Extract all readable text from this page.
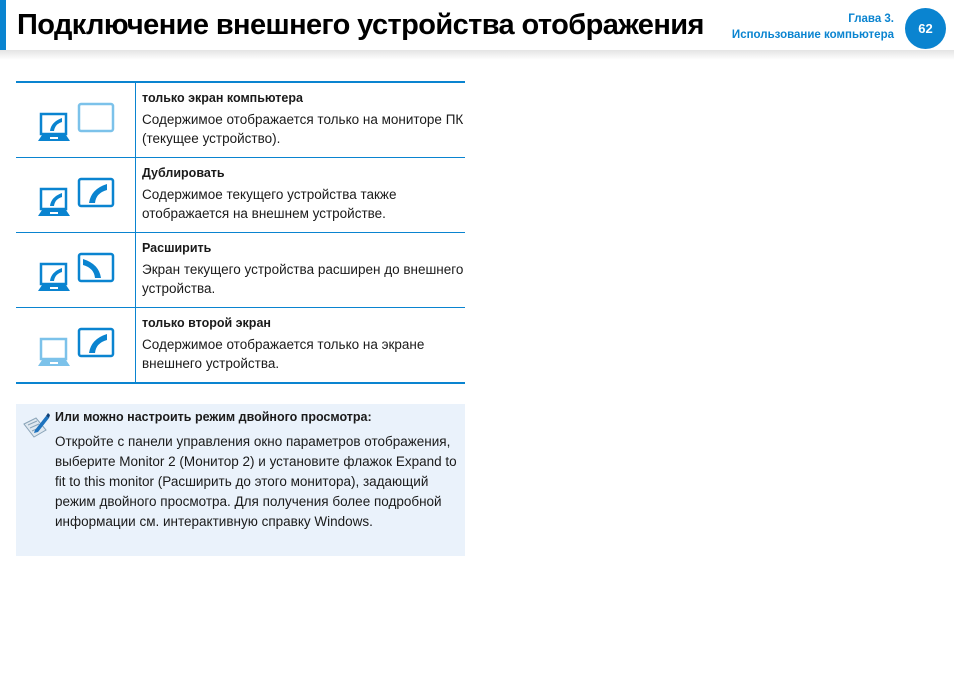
Подключение внешнего устройства отображения	Глава 3.
Использование компьютера	62

только экран компьютера

Содержимое отображается только на мониторе ПК (текущее устройство).

Дублировать

Содержимое текущего устройства также отображается на внешнем устройстве.

Расширить

Экран текущего устройства расширен до внешнего устройства.

только второй экран

Содержимое отображается только на экране внешнего устройства.

Или можно настроить режим двойного просмотра:
Откройте с панели управления окно параметров отображения, выберите Monitor 2 (Монитор 2) и установите флажок Expand to fit to this monitor (Расширить до этого монитора), задающий режим двойного просмотра. Для получения более подробной информации см. интерактивную справку Windows.
